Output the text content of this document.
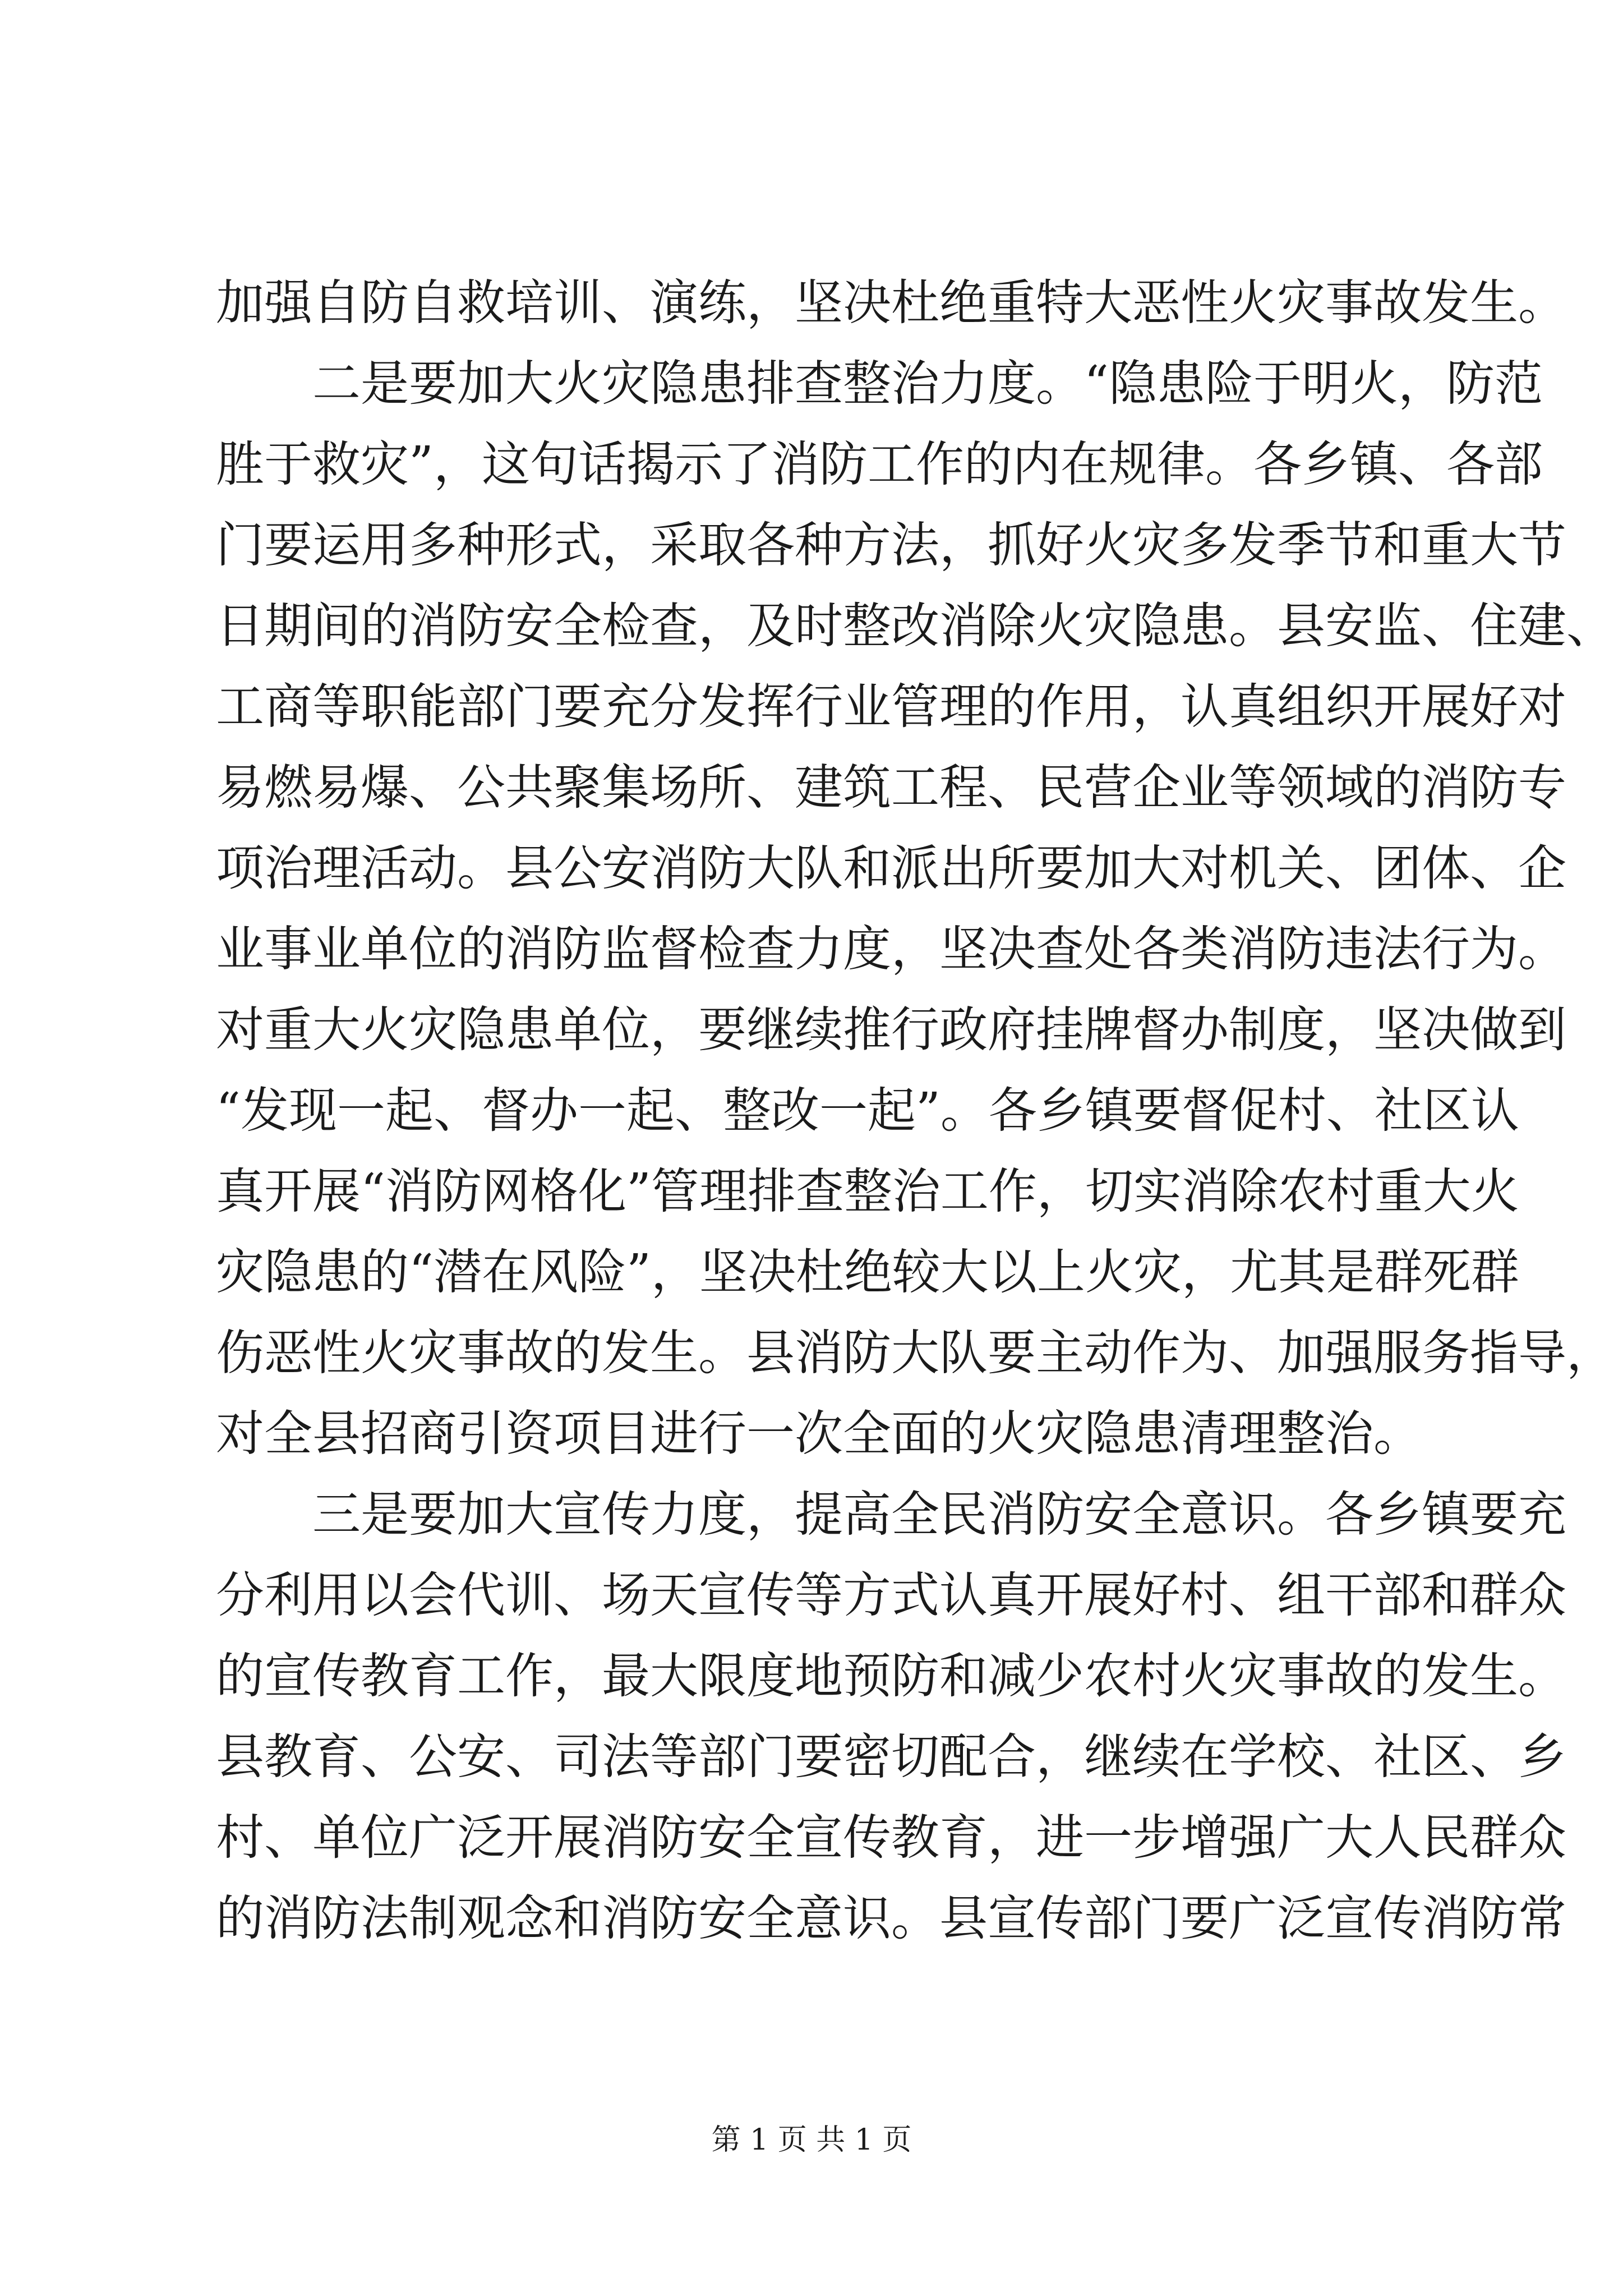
加强自防自救培训、演练，坚决杜绝重特大恶性火灾事故发生。
二是要加大火灾隐患排查整治力度。“隐患险于明火，防范
胜于救灾”，这句话揭示了消防工作的内在规律。各乡镇、各部
门要运用多种形式，采取各种方法，抓好火灾多发季节和重大节
日期间的消防安全检查，及时整改消除火灾隐患。县安监、住建、
工商等职能部门要充分发挥行业管理的作用，认真组织开展好对
易燃易爆、公共聚集场所、建筑工程、民营企业等领域的消防专
项治理活动。县公安消防大队和派出所要加大对机关、团体、企
业事业单位的消防监督检查力度，坚决查处各类消防违法行为。
对重大火灾隐患单位，要继续推行政府挂牌督办制度，坚决做到
“发现一起、督办一起、整改一起”。各乡镇要督促村、社区认
真开展“消防网格化”管理排查整治工作，切实消除农村重大火
灾隐患的“潜在风险”，坚决杜绝较大以上火灾，尤其是群死群
伤恶性火灾事故的发生。县消防大队要主动作为、加强服务指导，
对全县招商引资项目进行一次全面的火灾隐患清理整治。
三是要加大宣传力度，提高全民消防安全意识。各乡镇要充
分利用以会代训、场天宣传等方式认真开展好村、组干部和群众
的宣传教育工作，最大限度地预防和减少农村火灾事故的发生。
县教育、公安、司法等部门要密切配合，继续在学校、社区、乡
村、单位广泛开展消防安全宣传教育，进一步增强广大人民群众
的消防法制观念和消防安全意识。县宣传部门要广泛宣传消防常
第 1 页 共 1 页
